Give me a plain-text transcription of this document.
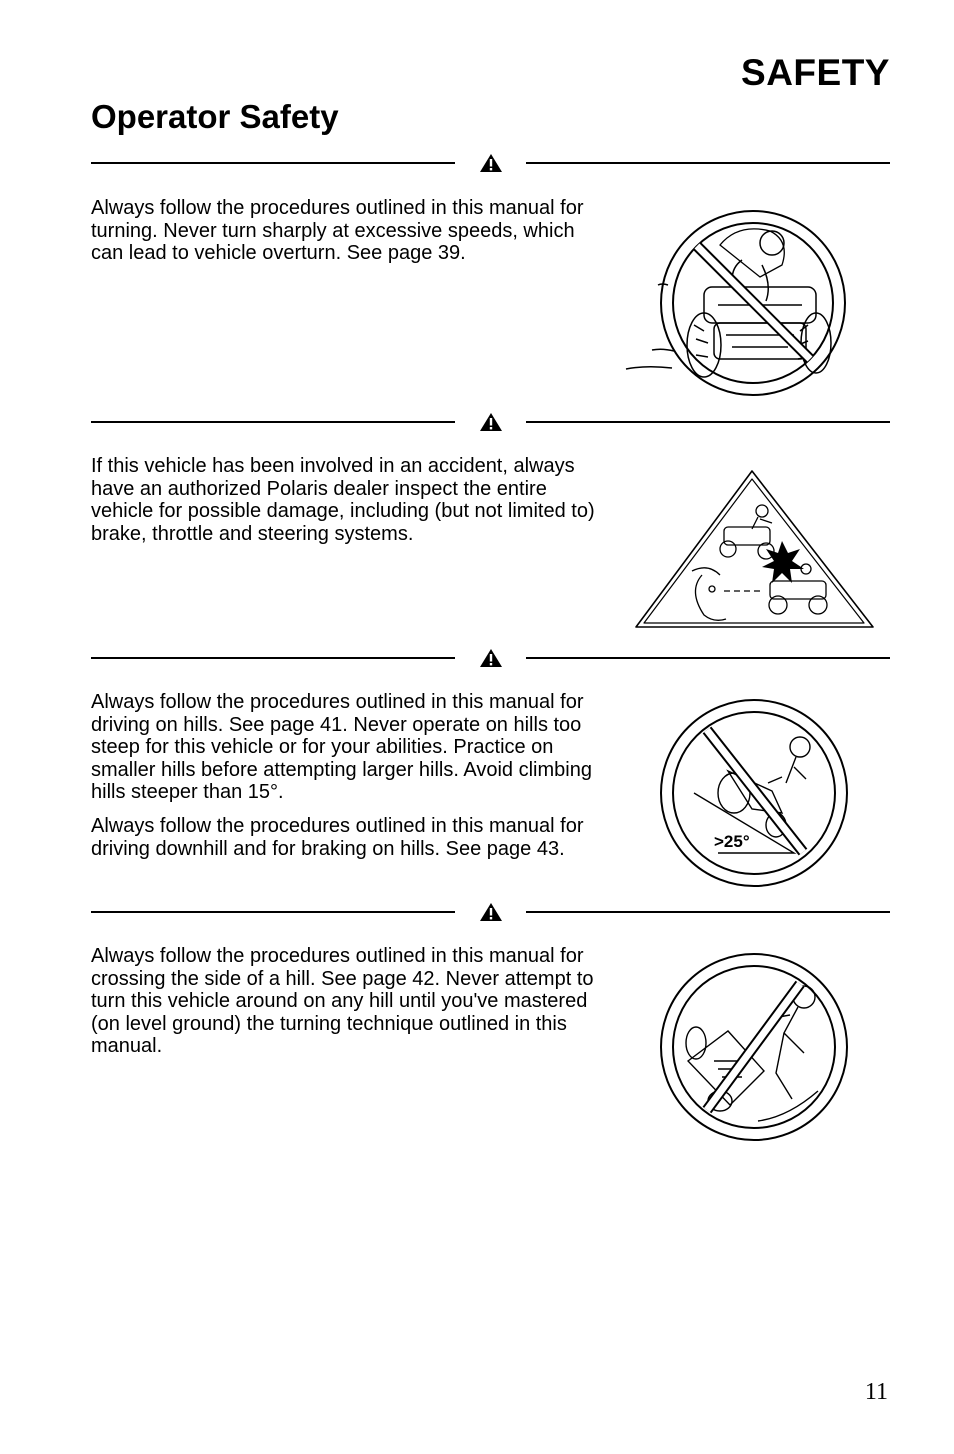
SAFETY
Operator Safety

Always follow the procedures outlined in this manual for turning. Never turn sharply at excessive speeds, which can lead to vehicle overturn. See page 39.

If this vehicle has been involved in an accident, always have an authorized Polaris dealer inspect the entire vehicle for possible damage, including (but not limited to) brake, throttle and steering systems.

Always follow the procedures outlined in this manual for driving on hills. See page 41. Never operate on hills too steep for this vehicle or for your abilities. Practice on smaller hills before attempting larger hills. Avoid climbing hills steeper than 15°.

Always follow the procedures outlined in this manual for driving downhill and for braking on hills. See page 43.	>25°

Always follow the procedures outlined in this manual for crossing the side of a hill. See page 42. Never attempt to turn this vehicle around on any hill until you've mastered (on level ground) the turning technique outlined in this manual.

11
